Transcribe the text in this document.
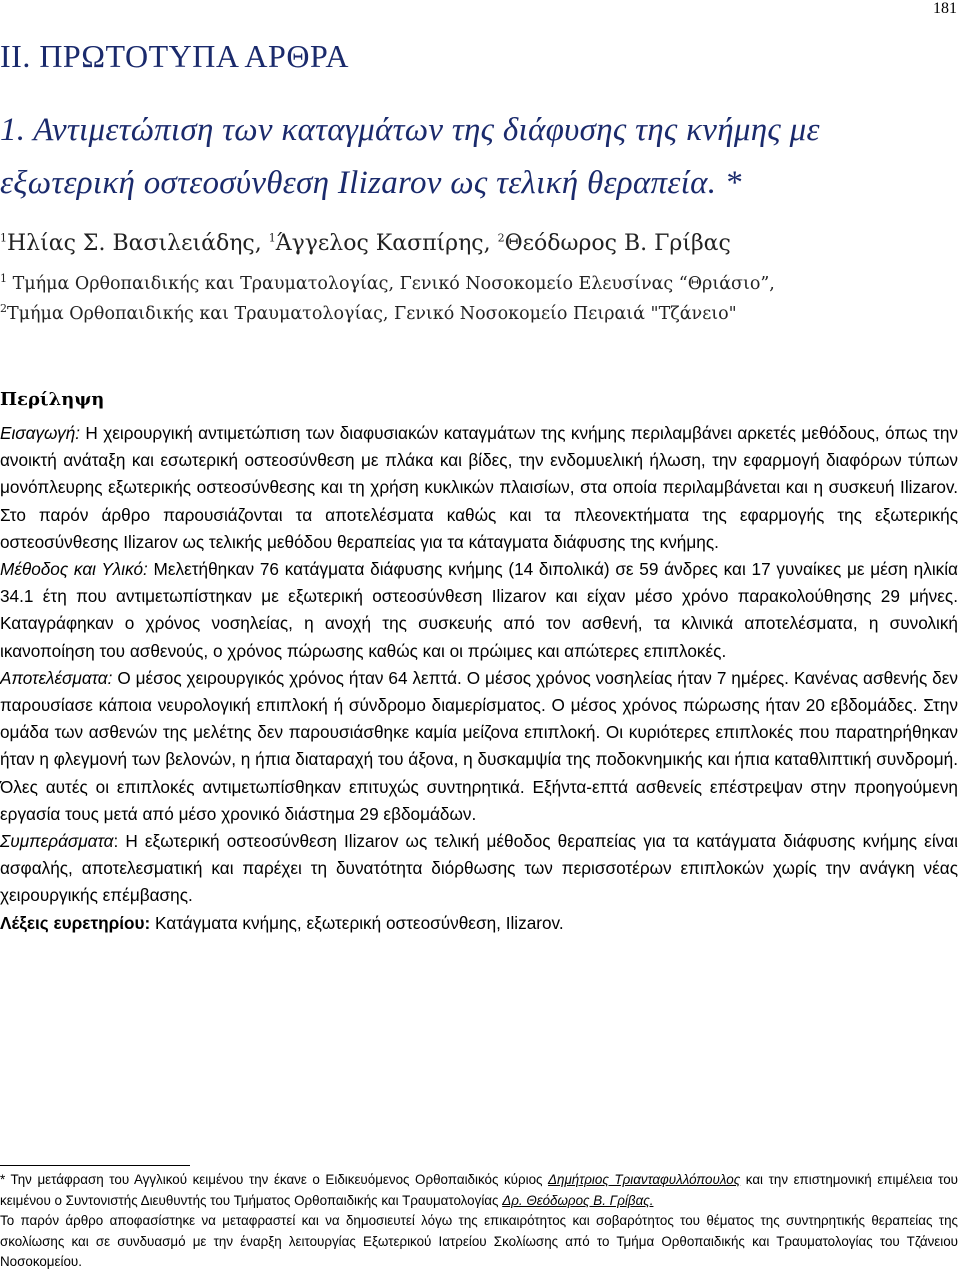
181
II. ΠΡΩΤΟΤΥΠΑ ΑΡΘΡΑ
1. Αντιμετώπιση των καταγμάτων της διάφυσης της κνήμης με εξωτερική οστεοσύνθεση Ilizarov ως τελική θεραπεία. *
$^1$Ηλίας Σ. Βασιλειάδης, $^1$Άγγελος Κασπίρης, $^2$Θεόδωρος Β. Γρίβας
$^1$ Τμήμα Ορθοπαιδικής και Τραυματολογίας, Γενικό Νοσοκομείο Ελευσίνας “Θριάσιο”,
$^2$Τμήμα Ορθοπαιδικής και Τραυματολογίας, Γενικό Νοσοκομείο Πειραιά "Τζάνειο"
Περίληψη

Εισαγωγή: Η χειρουργική αντιμετώπιση των διαφυσιακών καταγμάτων της κνήμης περιλαμβάνει αρκετές μεθόδους, όπως την ανοικτή ανάταξη και εσωτερική οστεοσύνθεση με πλάκα και βίδες, την ενδομυελική ήλωση, την εφαρμογή διαφόρων τύπων μονόπλευρης εξωτερικής οστεοσύνθεσης και τη χρήση κυκλικών πλαισίων, στα οποία περιλαμβάνεται και η συσκευή Ilizarov. Στο παρόν άρθρο παρουσιάζονται τα αποτελέσματα καθώς και τα πλεονεκτήματα της εφαρμογής της εξωτερικής οστεοσύνθεσης Ilizarov ως τελικής μεθόδου θεραπείας για τα κάταγματα διάφυσης της κνήμης.

Μέθοδος και Υλικό: Μελετήθηκαν 76 κατάγματα διάφυσης κνήμης (14 διπολικά) σε 59 άνδρες και 17 γυναίκες με μέση ηλικία 34.1 έτη που αντιμετωπίστηκαν με εξωτερική οστεοσύνθεση Ilizarov και είχαν μέσο χρόνο παρακολούθησης 29 μήνες. Καταγράφηκαν ο χρόνος νοσηλείας, η ανοχή της συσκευής από τον ασθενή, τα κλινικά αποτελέσματα, η συνολική ικανοποίηση του ασθενούς, ο χρόνος πώρωσης καθώς και οι πρώιμες και απώτερες επιπλοκές.

Αποτελέσματα: Ο μέσος χειρουργικός χρόνος ήταν 64 λεπτά. Ο μέσος χρόνος νοσηλείας ήταν 7 ημέρες. Κανένας ασθενής δεν παρουσίασε κάποια νευρολογική επιπλοκή ή σύνδρομο διαμερίσματος. Ο μέσος χρόνος πώρωσης ήταν 20 εβδομάδες. Στην ομάδα των ασθενών της μελέτης δεν παρουσιάσθηκε καμία μείζονα επιπλοκή. Οι κυριότερες επιπλοκές που παρατηρήθηκαν ήταν η φλεγμονή των βελονών, η ήπια διαταραχή του άξονα, η δυσκαμψία της ποδοκνημικής και ήπια καταθλιπτική συνδρομή. Όλες αυτές οι επιπλοκές αντιμετωπίσθηκαν επιτυχώς συντηρητικά. Εξήντα-επτά ασθενείς επέστρεψαν στην προηγούμενη εργασία τους μετά από μέσο χρονικό διάστημα 29 εβδομάδων.

Συμπεράσματα: Η εξωτερική οστεοσύνθεση Ilizarov ως τελική μέθοδος θεραπείας για τα κατάγματα διάφυσης κνήμης είναι ασφαλής, αποτελεσματική και παρέχει τη δυνατότητα διόρθωσης των περισσοτέρων επιπλοκών χωρίς την ανάγκη νέας χειρουργικής επέμβασης.

Λέξεις ευρετηρίου: Κατάγματα κνήμης, εξωτερική οστεοσύνθεση, Ilizarov.

* Την μετάφραση του Αγγλικού κειμένου την έκανε ο Ειδικευόμενος Ορθοπαιδικός κύριος Δημήτριος Τριανταφυλλόπουλος και την επιστημονική επιμέλεια του κειμένου ο Συντονιστής Διευθυντής του Τμήματος Ορθοπαιδικής και Τραυματολογίας Δρ. Θεόδωρος Β. Γρίβας.

Το παρόν άρθρο αποφασίστηκε να μεταφραστεί και να δημοσιευτεί λόγω της επικαιρότητος και σοβαρότητος του θέματος της συντηρητικής θεραπείας της σκολίωσης και σε συνδυασμό με την έναρξη λειτουργίας Εξωτερικού Ιατρείου Σκολίωσης από το Τμήμα Ορθοπαιδικής και Τραυματολογίας του Τζάνειου Νοσοκομείου.
